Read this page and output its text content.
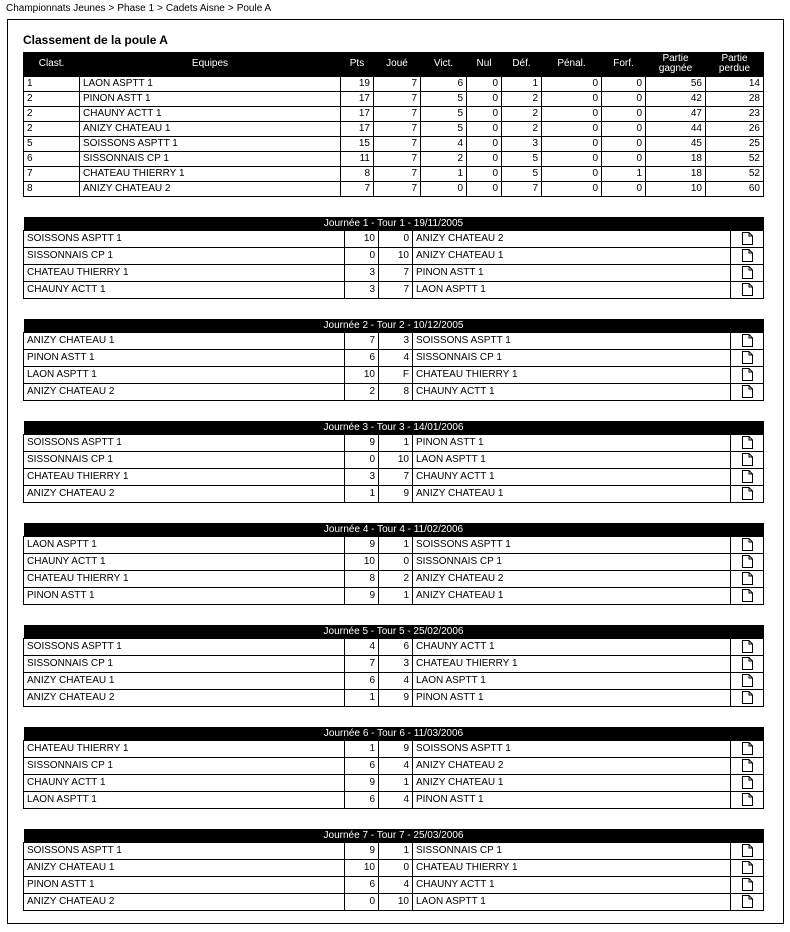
Championnats Jeunes > Phase 1 > Cadets Aisne > Poule A
Classement de la poule A
Clast.	Equipes	Pts	Joué	Vict.	Nul	Déf.	Pénal.	Forf.	Partie gagnée	Partie perdue
1	LAON ASPTT 1	19	7	6	0	1	0	0	56	14
2	PINON ASTT 1	17	7	5	0	2	0	0	42	28
2	CHAUNY ACTT 1	17	7	5	0	2	0	0	47	23
2	ANIZY CHATEAU 1	17	7	5	0	2	0	0	44	26
5	SOISSONS ASPTT 1	15	7	4	0	3	0	0	45	25
6	SISSONNAIS CP 1	11	7	2	0	5	0	0	18	52
7	CHATEAU THIERRY 1	8	7	1	0	5	0	1	18	52
8	ANIZY CHATEAU 2	7	7	0	0	7	0	0	10	60
Journée 1 - Tour 1 - 19/11/2005				
SOISSONS ASPTT 1	10	0	ANIZY CHATEAU 2	
SISSONNAIS CP 1	0	10	ANIZY CHATEAU 1	
CHATEAU THIERRY 1	3	7	PINON ASTT 1	
CHAUNY ACTT 1	3	7	LAON ASPTT 1	
Journée 2 - Tour 2 - 10/12/2005				
ANIZY CHATEAU 1	7	3	SOISSONS ASPTT 1	
PINON ASTT 1	6	4	SISSONNAIS CP 1	
LAON ASPTT 1	10	F	CHATEAU THIERRY 1	
ANIZY CHATEAU 2	2	8	CHAUNY ACTT 1	
Journée 3 - Tour 3 - 14/01/2006				
SOISSONS ASPTT 1	9	1	PINON ASTT 1	
SISSONNAIS CP 1	0	10	LAON ASPTT 1	
CHATEAU THIERRY 1	3	7	CHAUNY ACTT 1	
ANIZY CHATEAU 2	1	9	ANIZY CHATEAU 1	
Journée 4 - Tour 4 - 11/02/2006				
LAON ASPTT 1	9	1	SOISSONS ASPTT 1	
CHAUNY ACTT 1	10	0	SISSONNAIS CP 1	
CHATEAU THIERRY 1	8	2	ANIZY CHATEAU 2	
PINON ASTT 1	9	1	ANIZY CHATEAU 1	
Journée 5 - Tour 5 - 25/02/2006				
SOISSONS ASPTT 1	4	6	CHAUNY ACTT 1	
SISSONNAIS CP 1	7	3	CHATEAU THIERRY 1	
ANIZY CHATEAU 1	6	4	LAON ASPTT 1	
ANIZY CHATEAU 2	1	9	PINON ASTT 1	
Journée 6 - Tour 6 - 11/03/2006				
CHATEAU THIERRY 1	1	9	SOISSONS ASPTT 1	
SISSONNAIS CP 1	6	4	ANIZY CHATEAU 2	
CHAUNY ACTT 1	9	1	ANIZY CHATEAU 1	
LAON ASPTT 1	6	4	PINON ASTT 1	
Journée 7 - Tour 7 - 25/03/2006				
SOISSONS ASPTT 1	9	1	SISSONNAIS CP 1	
ANIZY CHATEAU 1	10	0	CHATEAU THIERRY 1	
PINON ASTT 1	6	4	CHAUNY ACTT 1	
ANIZY CHATEAU 2	0	10	LAON ASPTT 1	
